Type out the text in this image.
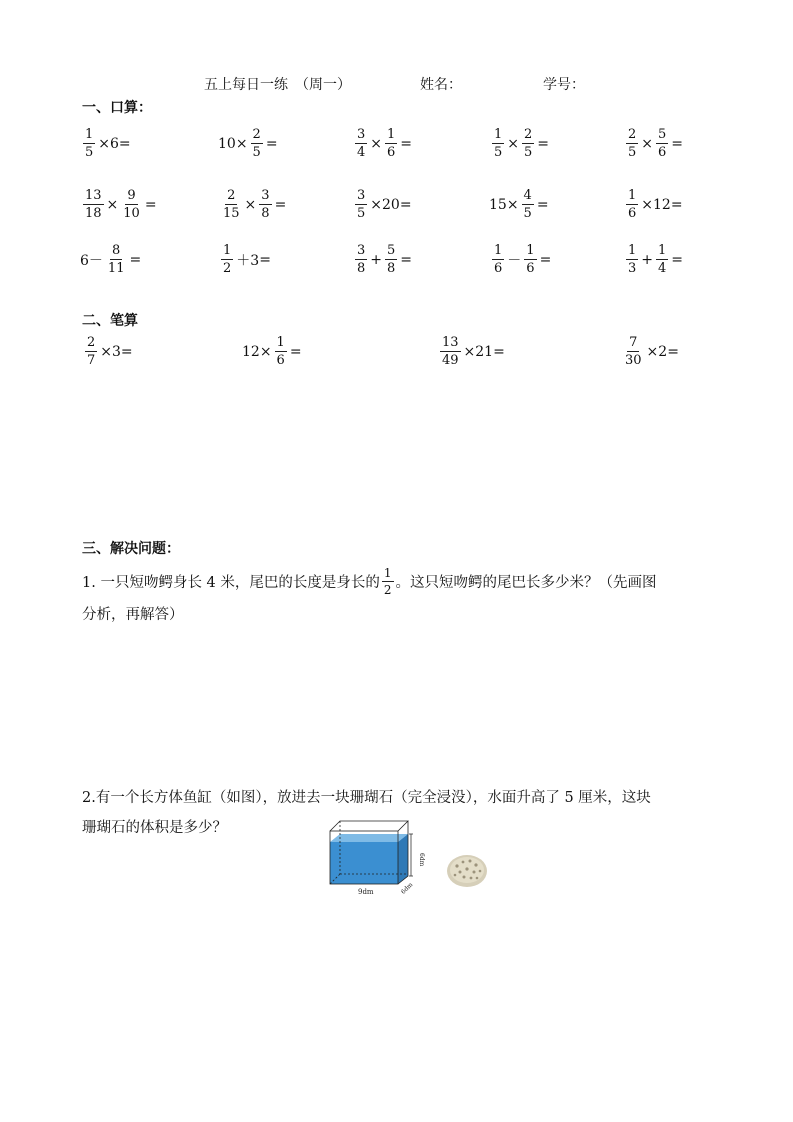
五上每日一练　（周一）	姓名：	学号：
一、口算：
$\frac{1}{5} \times 6$ =	$10\times \frac{2}{5}$ =	$\frac{3}{4} \times \frac{1}{6}$ =	$\frac{1}{5} \times \frac{2}{5}$ =	$\frac{2}{5} \times \frac{5}{6}$ =
$\frac{13}{18} \times \frac{9}{10}$ =	$\frac{2}{15} \times \frac{3}{8}$ =	$\frac{3}{5} \times 20$ =	$15\times \frac{4}{5}$ =	$\frac{1}{6} \times 12$ =
$6- \frac{8}{11}$ =	$\frac{1}{2} +3$ =	$\frac{3}{8} + \frac{5}{8}$ =	$\frac{1}{6} - \frac{1}{6}$ =	$\frac{1}{3} + \frac{1}{4}$ =
二、笔算
$\frac{2}{7} \times 3$ =	$12\times \frac{1}{6}$ =	$\frac{13}{49} \times 21$ =	$\frac{7}{30} \times 2$ =
三、解决问题：
1. 一只短吻鳄身长 4 米，尾巴的长度是身长的 $\frac{1}{2}$ 。这只短吻鳄的尾巴长多少米？（先画图
分析，再解答）
2.有一个长方体鱼缸（如图），放进去一块珊瑚石（完全浸没），水面升高了 5 厘米，这块
珊瑚石的体积是多少？
9dm	6dm
6dm
